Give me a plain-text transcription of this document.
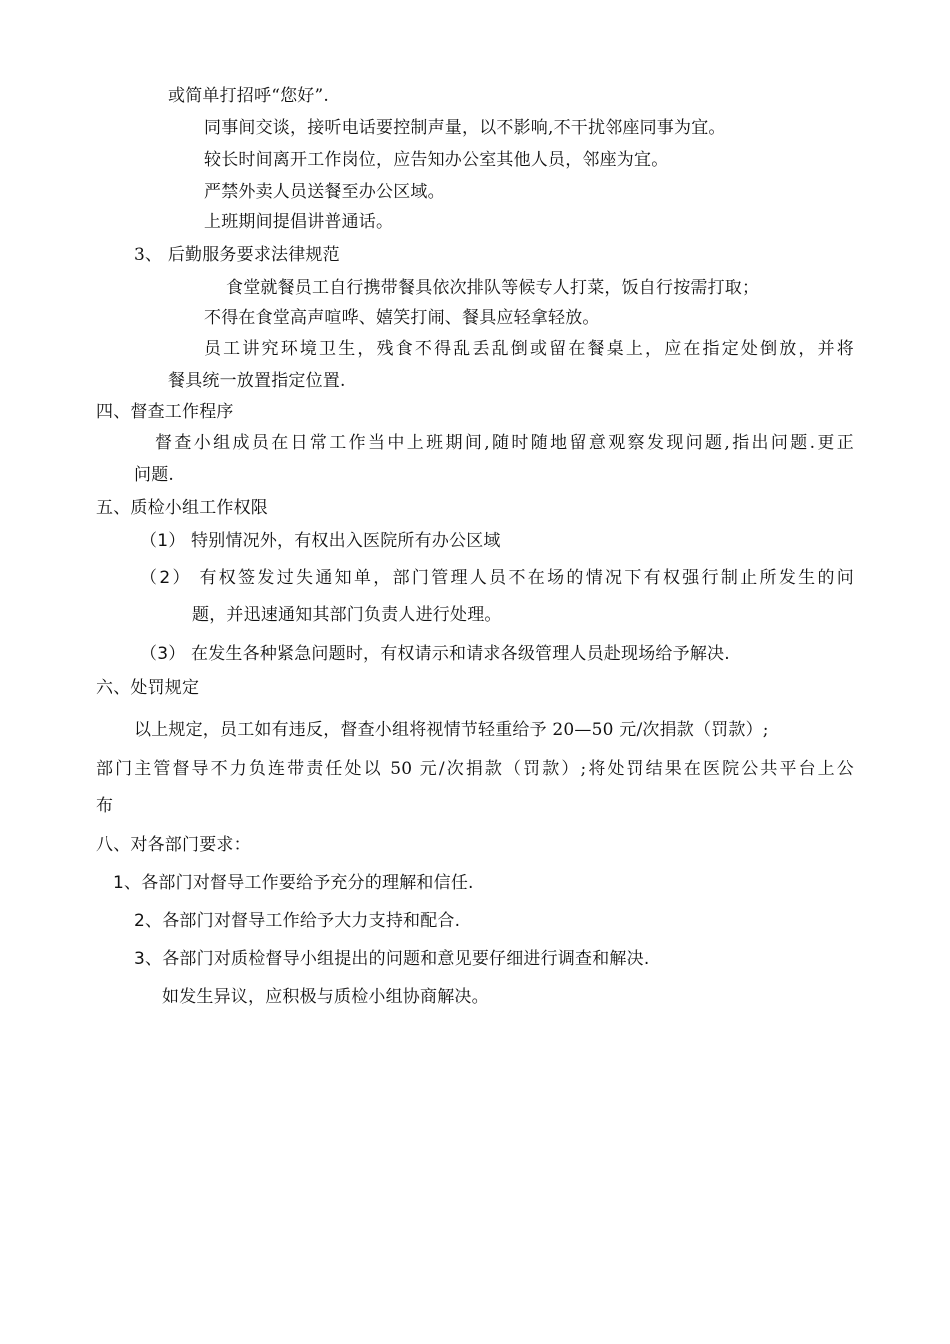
或简单打招呼“您好”.
同事间交谈，接听电话要控制声量，以不影响,不干扰邻座同事为宜。
较长时间离开工作岗位，应告知办公室其他人员，邻座为宜。
严禁外卖人员送餐至办公区域。
上班期间提倡讲普通话。
3、 后勤服务要求法律规范
食堂就餐员工自行携带餐具依次排队等候专人打菜，饭自行按需打取；
不得在食堂高声喧哗、嬉笑打闹、餐具应轻拿轻放。
员工讲究环境卫生，残食不得乱丢乱倒或留在餐桌上，应在指定处倒放，并将
餐具统一放置指定位置.
四、督查工作程序
督查小组成员在日常工作当中上班期间,随时随地留意观察发现问题,指出问题.更正
问题.
五、质检小组工作权限
（1） 特别情况外，有权出入医院所有办公区域
（2） 有权签发过失通知单，部门管理人员不在场的情况下有权强行制止所发生的问
题，并迅速通知其部门负责人进行处理。
（3） 在发生各种紧急问题时，有权请示和请求各级管理人员赴现场给予解决.
六、处罚规定
以上规定，员工如有违反，督查小组将视情节轻重给予 20—50 元/次捐款（罚款）;
部门主管督导不力负连带责任处以 50 元/次捐款（罚款）;将处罚结果在医院公共平台上公
布
八、对各部门要求：
1、各部门对督导工作要给予充分的理解和信任.
2、各部门对督导工作给予大力支持和配合.
3、各部门对质检督导小组提出的问题和意见要仔细进行调查和解决.
如发生异议，应积极与质检小组协商解决。
